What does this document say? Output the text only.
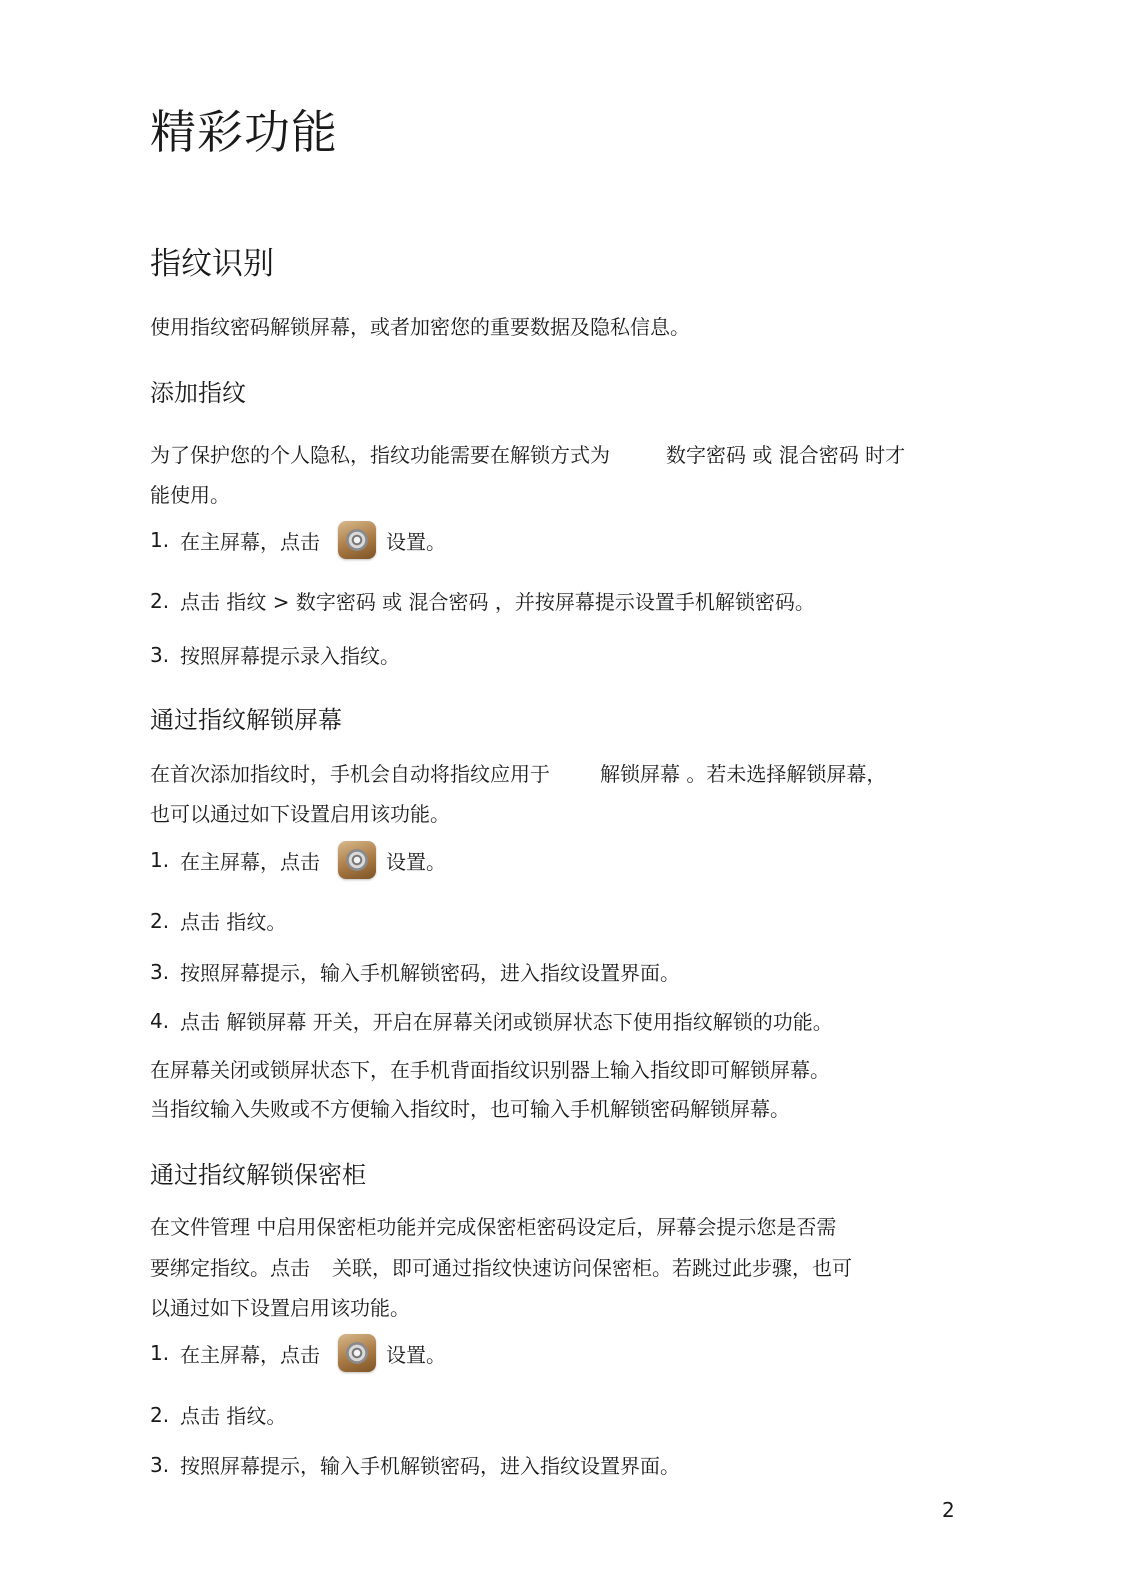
精彩功能
指纹识别
使用指纹密码解锁屏幕，或者加密您的重要数据及隐私信息。
添加指纹
为了保护您的个人隐私，指纹功能需要在解锁方式为	数字密码 或 混合密码 时才
能使用。
1. 在主屏幕，点击	设置。
2. 点击 指纹 > 数字密码 或 混合密码 ，并按屏幕提示设置手机解锁密码。
3. 按照屏幕提示录入指纹。
通过指纹解锁屏幕
在首次添加指纹时，手机会自动将指纹应用于	解锁屏幕 。若未选择解锁屏幕，
也可以通过如下设置启用该功能。
1. 在主屏幕，点击	设置。
2. 点击 指纹。
3. 按照屏幕提示，输入手机解锁密码，进入指纹设置界面。
4. 点击 解锁屏幕 开关，开启在屏幕关闭或锁屏状态下使用指纹解锁的功能。
在屏幕关闭或锁屏状态下，在手机背面指纹识别器上输入指纹即可解锁屏幕。
当指纹输入失败或不方便输入指纹时，也可输入手机解锁密码解锁屏幕。
通过指纹解锁保密柜
在文件管理 中启用保密柜功能并完成保密柜密码设定后，屏幕会提示您是否需
要绑定指纹。点击 关联，即可通过指纹快速访问保密柜。若跳过此步骤，也可
以通过如下设置启用该功能。
1. 在主屏幕，点击	设置。
2. 点击 指纹。
3. 按照屏幕提示，输入手机解锁密码，进入指纹设置界面。
2
